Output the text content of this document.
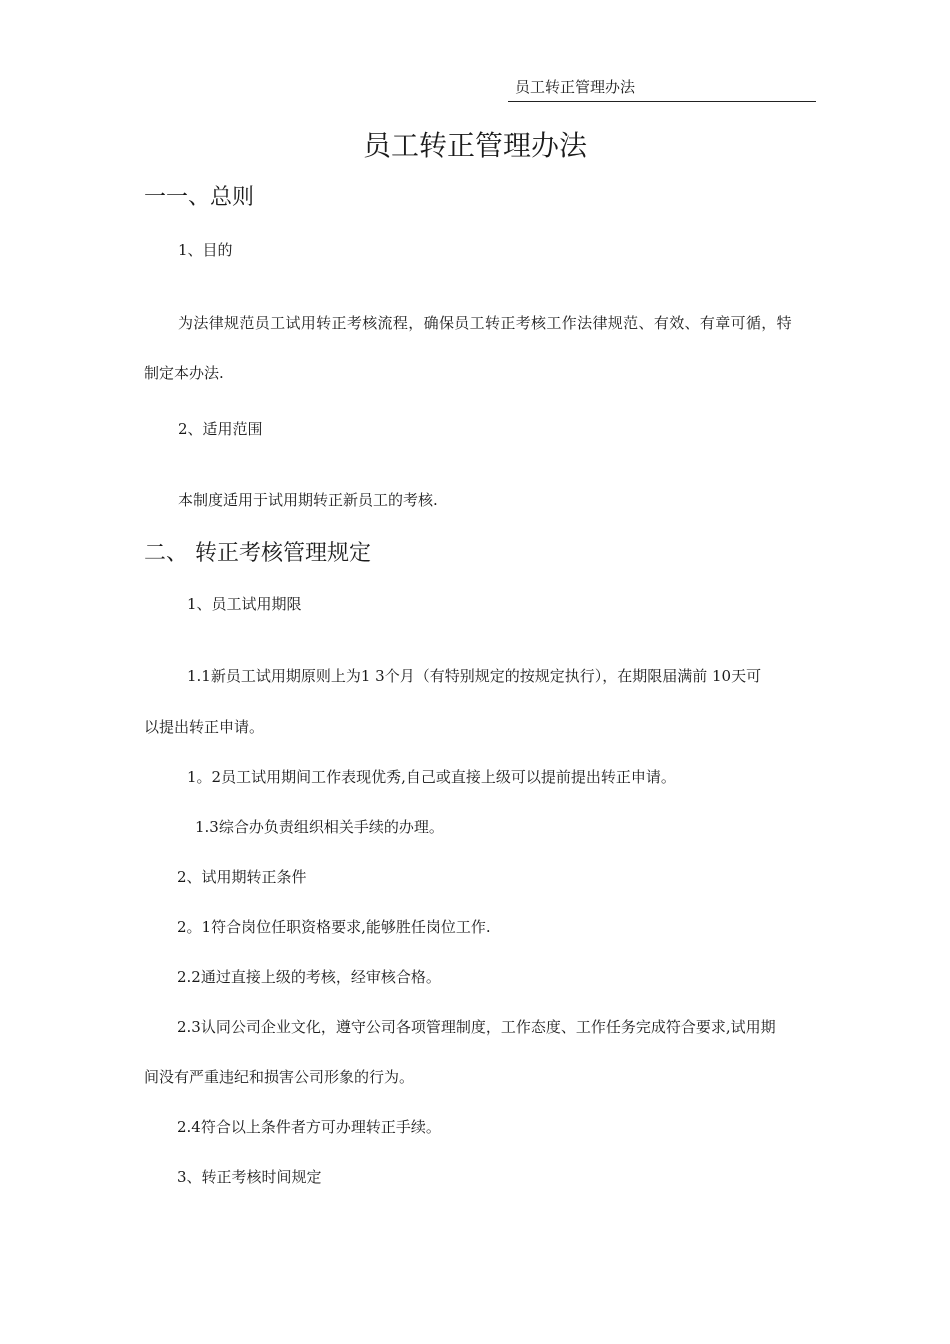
员工转正管理办法
员工转正管理办法
一一、总则
1、目的
为法律规范员工试用转正考核流程，确保员工转正考核工作法律规范、有效、有章可循，特
制定本办法.
2、适用范围
本制度适用于试用期转正新员工的考核.
二、 转正考核管理规定
1、员工试用期限
1.1新员工试用期原则上为1 3个月（有特别规定的按规定执行），在期限届满前 10天可
以提出转正申请。
1。2员工试用期间工作表现优秀,自己或直接上级可以提前提出转正申请。
1.3综合办负责组织相关手续的办理。
2、试用期转正条件
2。1符合岗位任职资格要求,能够胜任岗位工作.
2.2通过直接上级的考核，经审核合格。
2.3认同公司企业文化，遵守公司各项管理制度，工作态度、工作任务完成符合要求,试用期
间没有严重违纪和损害公司形象的行为。
2.4符合以上条件者方可办理转正手续。
3、转正考核时间规定
